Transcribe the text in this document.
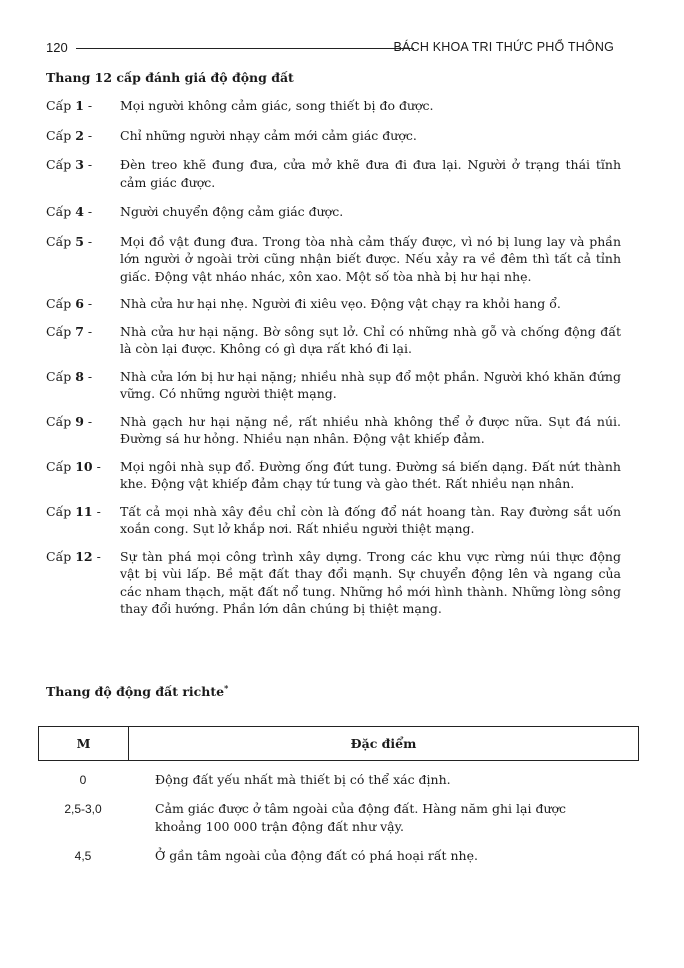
120	BÁCH KHOA TRI THỨC PHỔ THÔNG
Thang 12 cấp đánh giá độ động đất
Cấp 1 - Mọi người không cảm giác, song thiết bị đo được.
Cấp 2 - Chỉ những người nhạy cảm mới cảm giác được.
Cấp 3 - Đèn treo khẽ đung đưa, cửa mở khẽ đưa đi đưa lại. Người ở trạng thái tĩnh cảm giác được.
Cấp 4 - Người chuyển động cảm giác được.
Cấp 5 - Mọi đồ vật đung đưa. Trong tòa nhà cảm thấy được, vì nó bị lung lay và phần lớn người ở ngoài trời cũng nhận biết được. Nếu xảy ra về đêm thì tất cả tỉnh giấc. Động vật nháo nhác, xôn xao. Một số tòa nhà bị hư hại nhẹ.
Cấp 6 - Nhà cửa hư hại nhẹ. Người đi xiêu vẹo. Động vật chạy ra khỏi hang ổ.
Cấp 7 - Nhà cửa hư hại nặng. Bờ sông sụt lở. Chỉ có những nhà gỗ và chống động đất là còn lại được. Không có gì dựa rất khó đi lại.
Cấp 8 - Nhà cửa lớn bị hư hại nặng; nhiều nhà sụp đổ một phần. Người khó khăn đứng vững. Có những người thiệt mạng.
Cấp 9 - Nhà gạch hư hại nặng nề, rất nhiều nhà không thể ở được nữa. Sụt đá núi. Đường sá hư hỏng. Nhiều nạn nhân. Động vật khiếp đảm.
Cấp 10 - Mọi ngôi nhà sụp đổ. Đường ống đứt tung. Đường sá biến dạng. Đất nứt thành khe. Động vật khiếp đảm chạy tứ tung và gào thét. Rất nhiều nạn nhân.
Cấp 11 - Tất cả mọi nhà xây đều chỉ còn là đống đổ nát hoang tàn. Ray đường sắt uốn xoắn cong. Sụt lở khắp nơi. Rất nhiều người thiệt mạng.
Cấp 12 - Sự tàn phá mọi công trình xây dựng. Trong các khu vực rừng núi thực động vật bị vùi lấp. Bề mặt đất thay đổi mạnh. Sự chuyển động lên và ngang của các nham thạch, mặt đất nổ tung. Những hồ mới hình thành. Những lòng sông thay đổi hướng. Phần lớn dân chúng bị thiệt mạng.
Thang độ động đất richte*
M	Đặc điểm
0	Động đất yếu nhất mà thiết bị có thể xác định.
2,5-3,0	Cảm giác được ở tâm ngoài của động đất. Hàng năm ghi lại được khoảng 100 000 trận động đất như vậy.
4,5	Ở gần tâm ngoài của động đất có phá hoại rất nhẹ.
